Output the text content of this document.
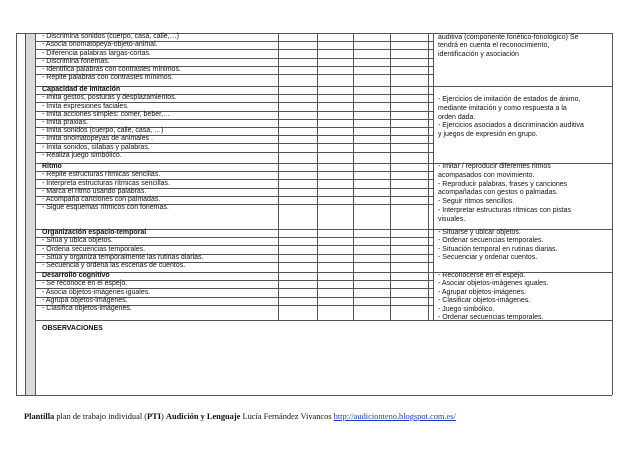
- Discrimina sonidos (cuerpo, casa, calle,…)
- Asocia onomatopeya-objeto-animal.
- Diferencia palabras largas-cortas.
- Discrimina fonemas.
- Identifica palabras con contrastes mínimos.
- Repite palabras con contrastes mínimos.
auditiva (componente fonético-fonológico) Se
tendrá en cuenta el reconocimiento,
identificación y asociación
Capacidad de imitación
- Imita gestos, posturas y desplazamientos.
- Imita expresiones faciales.
- Imita acciones simples: comer, beber,…
- Imita praxias.
- Imita sonidos (cuerpo, calle, casa, …)
- Imita onomatopeyas de animales .
- Imita sonidos, sílabas y palabras.
- Realiza juego simbólico.
- Ejercicios de imitación de estados de ánimo,
mediante imitación y como respuesta a la
orden dada.
- Ejercicios asociados a discriminación auditiva
y juegos de expresión en grupo.
Ritmo
- Repite estructuras rítmicas sencillas.
- Interpreta estructuras rítmicas sencillas.
- Marca el ritmo usando palabras.
- Acompaña canciones con palmadas.
- Sigue esquemas rítmicos con fonemas.
- Imitar / reproducir diferentes ritmos
acompasados con movimiento.
- Reproducir palabras, frases y canciones
acompañadas con gestos o palmadas.
- Seguir ritmos sencillos.
- Interpretar estructuras rítmicas con pistas
visuales.
Organización espacio-temporal
- Sitúa y ubica objetos.
- Ordena secuencias temporales.
- Sitúa y organiza temporalmente las rutinas diarias.
- Secuencia y ordena las escenas de cuentos.
- Situarse y ubicar objetos.
- Ordenar secuencias temporales.
- Situación temporal en rutinas diarias.
- Secuenciar y ordenar cuentos.
Desarrollo cognitivo
- Se reconoce en el espejo.
- Asocia objetos-imágenes iguales.
- Agrupa objetos-imágenes.
- Clasifica objetos-imágenes.
- Reconocerse en el espejo.
- Asociar objetos-imágenes iguales.
- Agrupar objetos-imágenes.
- Clasificar objetos-imágenes.
- Juego simbólico.
- Ordenar secuencias temporales.
OBSERVACIONES
Plantilla plan de trabajo individual (PTI) Audición y Lenguaje Lucía Fernández Vivancos http://audicionteno.blogspot.com.es/
